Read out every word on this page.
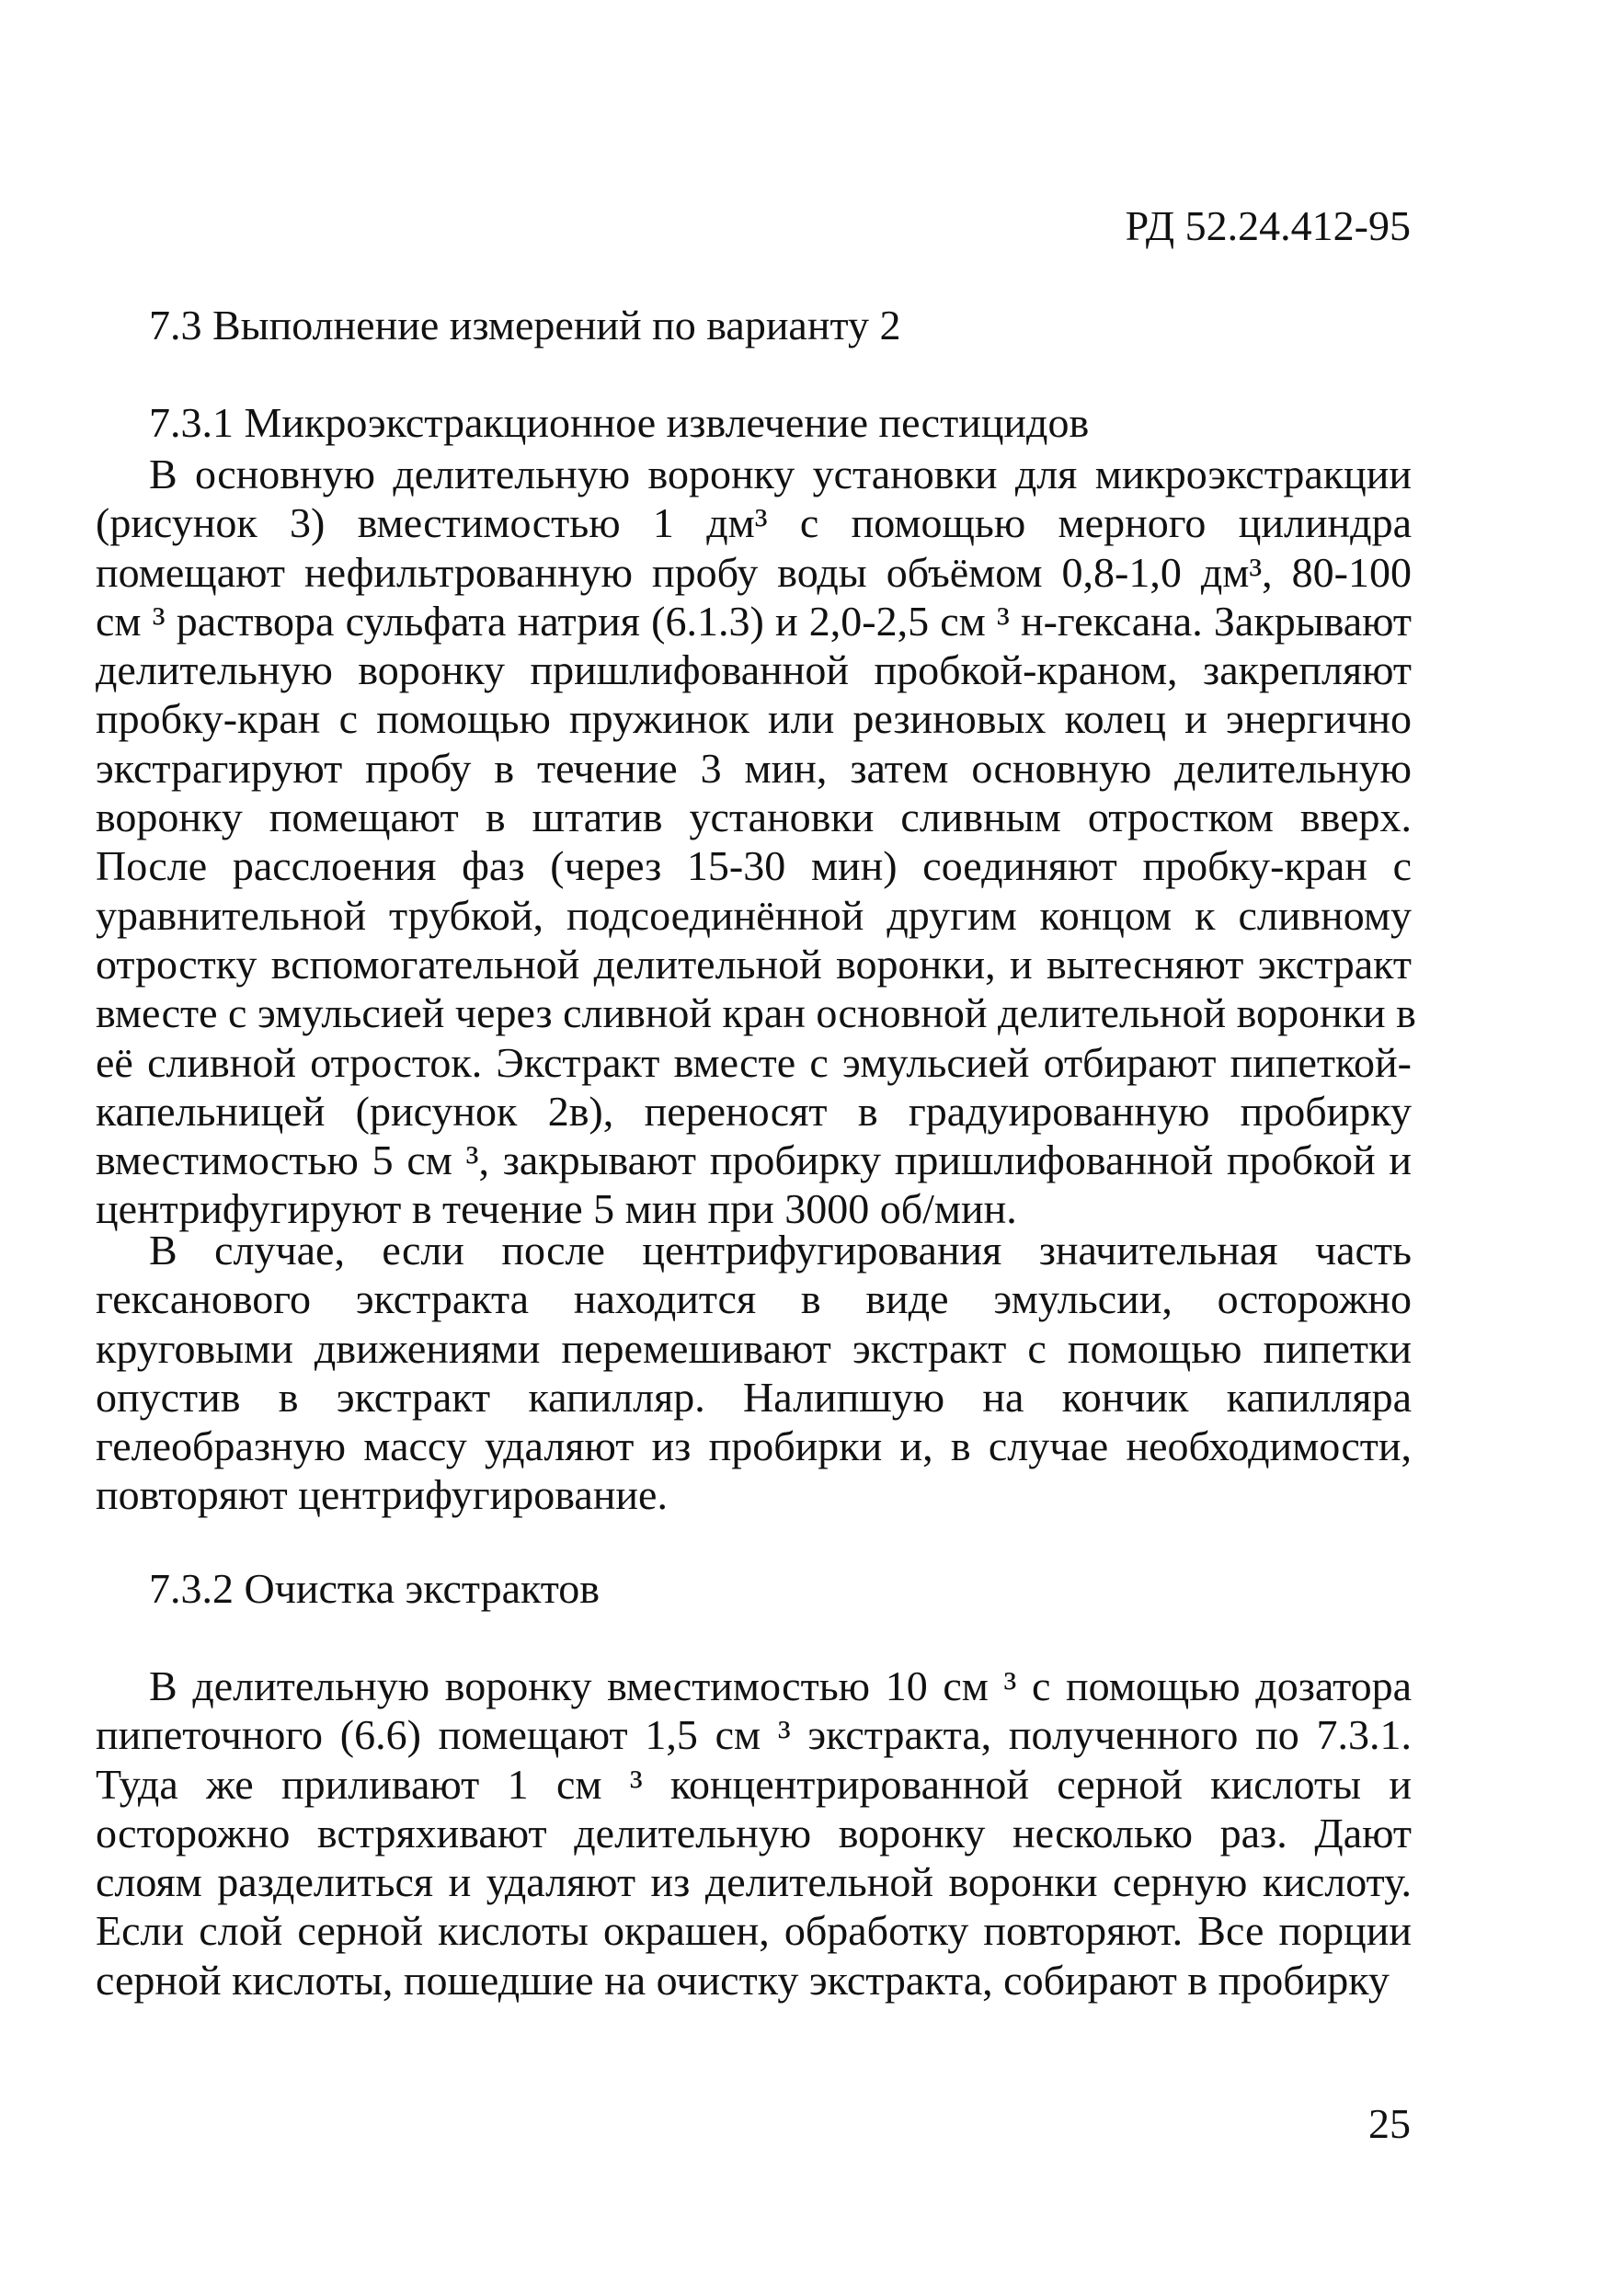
РД 52.24.412-95
7.3 Выполнение измерений по варианту 2
7.3.1 Микроэкстракционное извлечение пестицидов
В основную делительную воронку установки для микроэкстракции
(рисунок 3) вместимостью 1 дм³ с помощью мерного цилиндра
помещают нефильтрованную пробу воды объёмом 0,8-1,0 дм³, 80-100
см ³ раствора сульфата натрия (6.1.3) и 2,0-2,5 см ³ н-гексана. Закрывают
делительную воронку пришлифованной пробкой-краном, закрепляют
пробку-кран с помощью пружинок или резиновых колец и энергично
экстрагируют пробу в течение 3 мин, затем основную делительную
воронку помещают в штатив установки сливным отростком вверх.
После расслоения фаз (через 15-30 мин) соединяют пробку-кран с
уравнительной трубкой, подсоединённой другим концом к сливному
отростку вспомогательной делительной воронки, и вытесняют экстракт
вместе с эмульсией через сливной кран основной делительной воронки в
её сливной отросток. Экстракт вместе с эмульсией отбирают пипеткой-
капельницей (рисунок 2в), переносят в градуированную пробирку
вместимостью 5 см ³, закрывают пробирку пришлифованной пробкой и
центрифугируют в течение 5 мин при 3000 об/мин.
В случае, если после центрифугирования значительная часть
гексанового экстракта находится в виде эмульсии, осторожно
круговыми движениями перемешивают экстракт с помощью пипетки
опустив в экстракт капилляр. Налипшую на кончик капилляра
гелеобразную массу удаляют из пробирки и, в случае необходимости,
повторяют центрифугирование.
7.3.2 Очистка экстрактов
В делительную воронку вместимостью 10 см ³ с помощью дозатора
пипеточного (6.6) помещают 1,5 см ³ экстракта, полученного по 7.3.1.
Туда же приливают 1 см ³ концентрированной серной кислоты и
осторожно встряхивают делительную воронку несколько раз. Дают
слоям разделиться и удаляют из делительной воронки серную кислоту.
Если слой серной кислоты окрашен, обработку повторяют. Все порции
серной кислоты, пошедшие на очистку экстракта, собирают в пробирку
25
